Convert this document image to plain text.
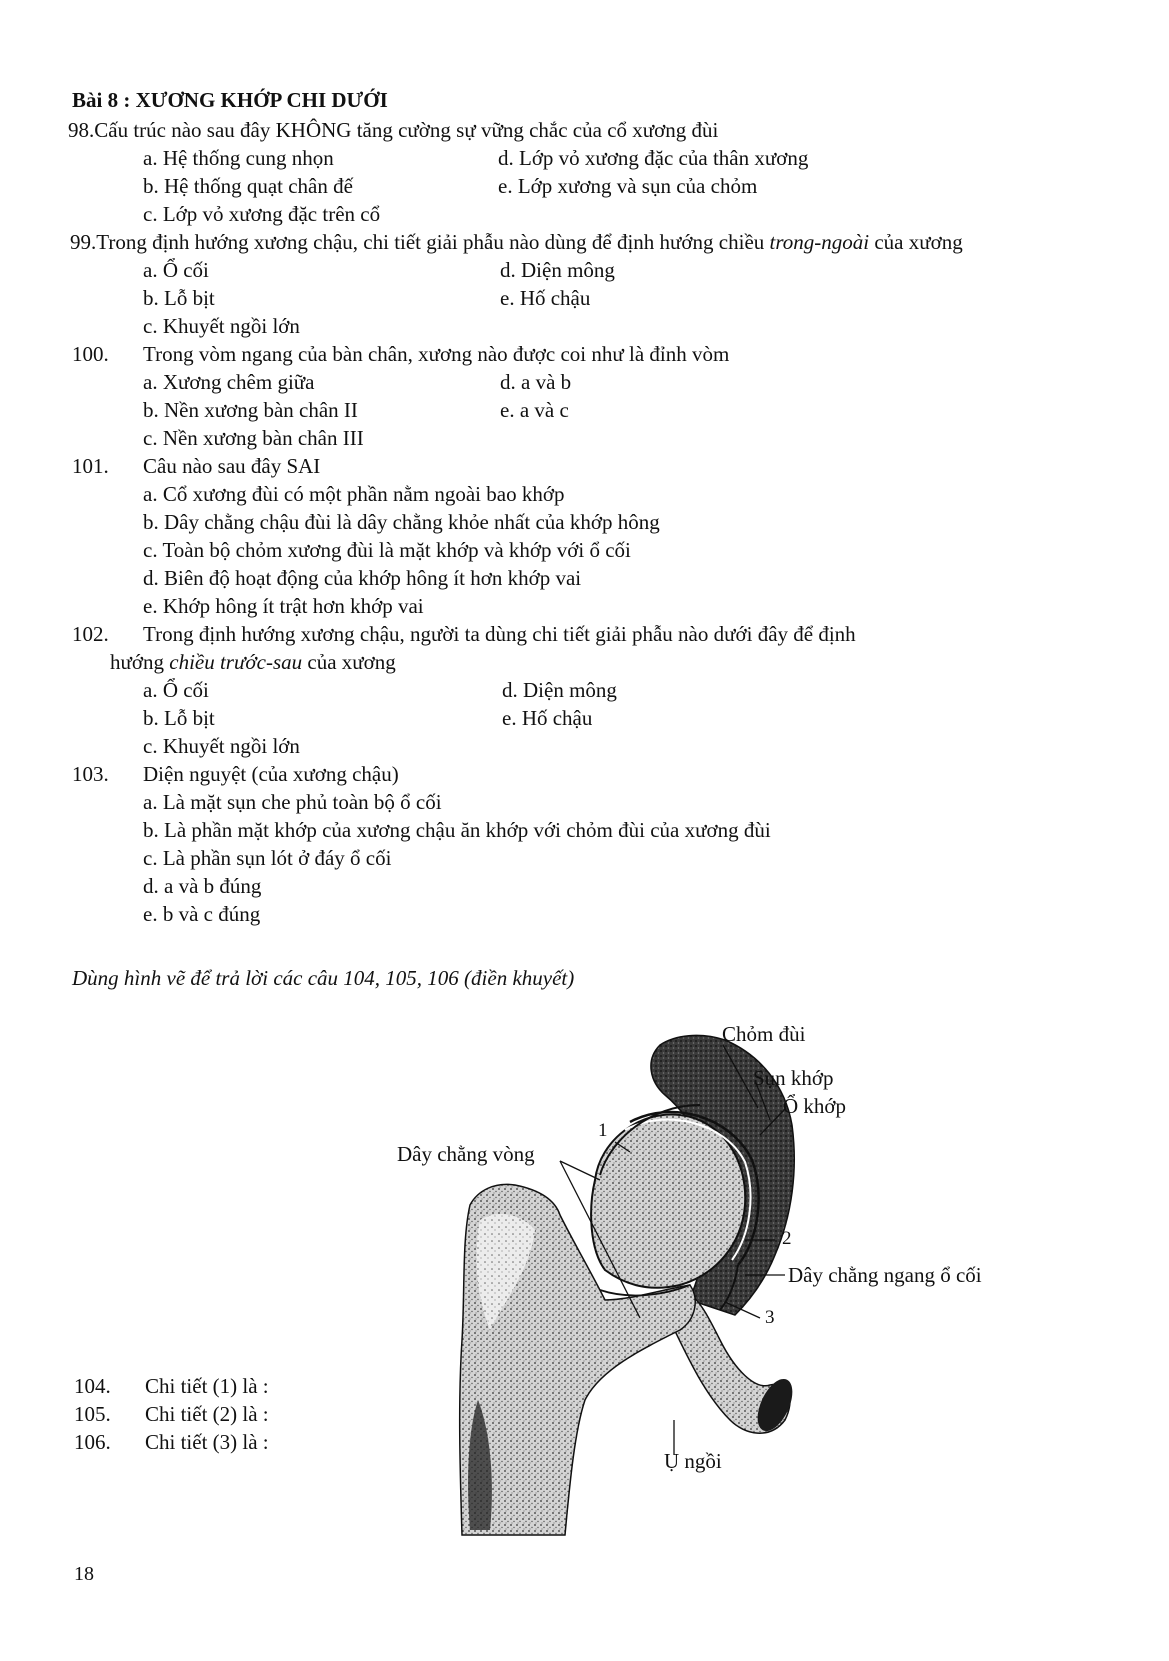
Bài 8 : XƯƠNG KHỚP CHI DƯỚI
98.Cấu trúc nào sau đây KHÔNG tăng cường sự vững chắc của cổ xương đùi
a. Hệ thống cung nhọn	d. Lớp vỏ xương đặc của thân xương
b. Hệ thống quạt chân đế	e. Lớp xương và sụn của chỏm
c. Lớp vỏ xương đặc trên cổ
99.Trong định hướng xương chậu, chi tiết giải phẫu nào dùng để định hướng chiều trong-ngoài của xương
a. Ổ cối	d. Diện mông
b. Lỗ bịt	e. Hố chậu
c. Khuyết ngồi lớn
100. Trong vòm ngang của bàn chân, xương nào được coi như là đỉnh vòm
a. Xương chêm giữa	d. a và b
b. Nền xương bàn chân II	e. a và c
c. Nền xương bàn chân III
101. Câu nào sau đây SAI
a. Cổ xương đùi có một phần nằm ngoài bao khớp
b. Dây chằng chậu đùi là dây chằng khỏe nhất của khớp hông
c. Toàn bộ chỏm xương đùi là mặt khớp và khớp với ổ cối
d. Biên độ hoạt động của khớp hông ít hơn khớp vai
e. Khớp hông ít trật hơn khớp vai
102. Trong định hướng xương chậu, người ta dùng chi tiết giải phẫu nào dưới đây để định
hướng chiều trước-sau của xương
a. Ổ cối	d. Diện mông
b. Lỗ bịt	e. Hố chậu
c. Khuyết ngồi lớn
103. Diện nguyệt (của xương chậu)
a. Là mặt sụn che phủ toàn bộ ổ cối
b. Là phần mặt khớp của xương chậu ăn khớp với chỏm đùi của xương đùi
c. Là phần sụn lót ở đáy ổ cối
d. a và b đúng
e. b và c đúng
Dùng hình vẽ để trả lời các câu 104, 105, 106 (điền khuyết)
Chỏm đùi
Sụn khớp
Ổ khớp
Dây chằng vòng
1
2
Dây chằng ngang ổ cối
3
Ụ ngồi
104. Chi tiết (1) là :
105. Chi tiết (2) là :
106. Chi tiết (3) là :
18
